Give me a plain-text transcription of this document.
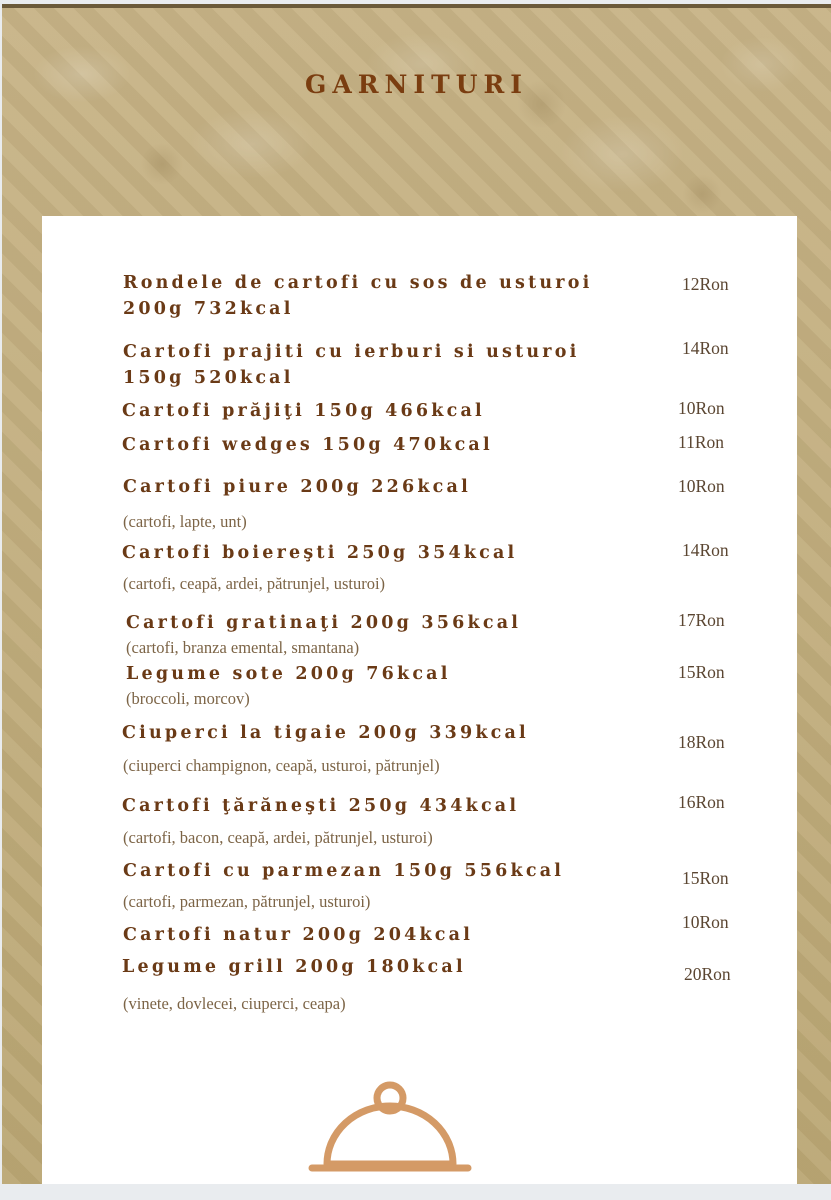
GARNITURI
Rondele de cartofi cu sos de usturoi 200g 732kcal
12Ron
Cartofi prajiti cu ierburi si usturoi 150g 520kcal
14Ron
Cartofi prăjiţi 150g 466kcal	10Ron
Cartofi wedges 150g 470kcal	11Ron
Cartofi piure 200g 226kcal
(cartofi, lapte, unt)
10Ron
Cartofi boiereşti 250g 354kcal
(cartofi, ceapă, ardei, pătrunjel, usturoi)
14Ron
Cartofi gratinaţi 200g 356kcal
(cartofi, branza emental, smantana)
17Ron
Legume sote 200g 76kcal
(broccoli, morcov)
15Ron
Ciuperci la tigaie 200g 339kcal
(ciuperci champignon, ceapă, usturoi, pătrunjel)
18Ron
Cartofi ţărăneşti 250g 434kcal
(cartofi, bacon, ceapă, ardei, pătrunjel, usturoi)
16Ron
Cartofi cu parmezan 150g 556kcal
(cartofi, parmezan, pătrunjel, usturoi)
15Ron
Cartofi natur 200g 204kcal
10Ron
Legume grill 200g 180kcal
(vinete, dovlecei, ciuperci, ceapa)
20Ron
